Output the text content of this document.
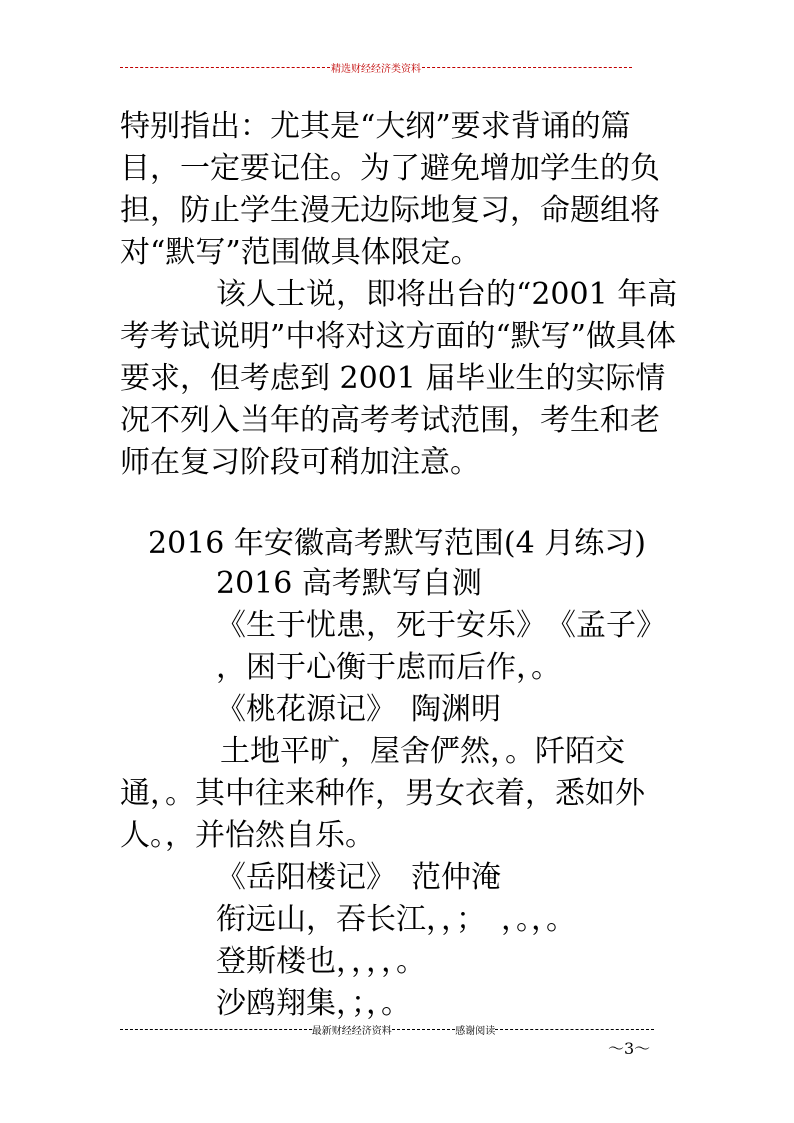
精选财经经济类资料

特别指出：尤其是“大纲”要求背诵的篇目，一定要记住。为了避免增加学生的负担，防止学生漫无边际地复习，命题组将对“默写”范围做具体限定。

该人士说，即将出台的“2001 年高考考试说明”中将对这方面的“默写”做具体要求，但考虑到 2001 届毕业生的实际情况不列入当年的高考考试范围，考生和老师在复习阶段可稍加注意。

2016 年安徽高考默写范围(4 月练习)

2016 高考默写自测

《生于忧患，死于安乐》　《孟子》

，困于心衡于虑而后作，。

《桃花源记》　陶渊明

土地平旷，屋舍俨然，。阡陌交通，。其中往来种作，男女衣着，悉如外人。，并怡然自乐。

《岳阳楼记》　范仲淹

衔远山，吞长江，，；　，。，。

登斯楼也，，，，。

沙鸥翔集，；，。

最新财经经济资料	感谢阅读
～3～
